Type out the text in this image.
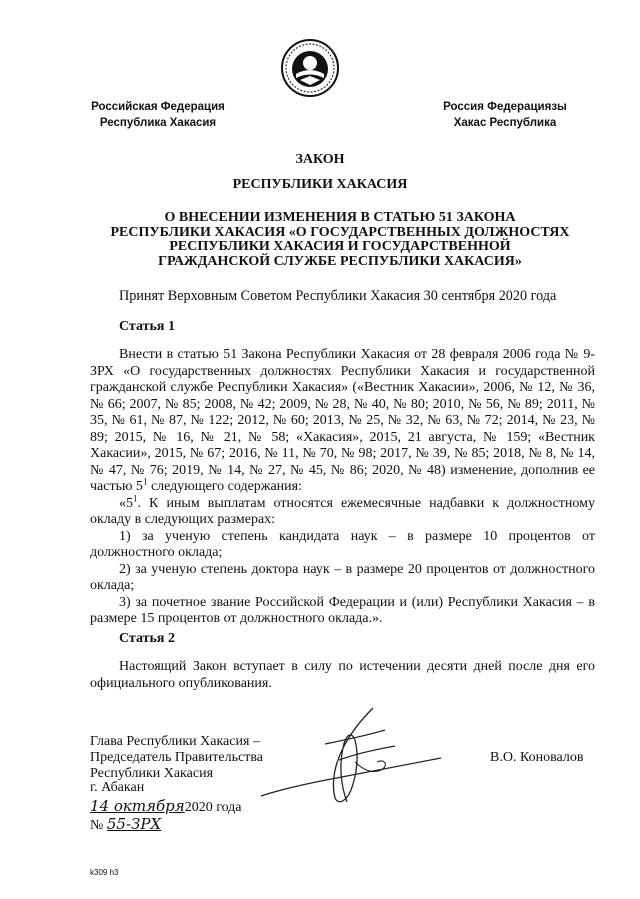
Российская Федерация
Республика Хакасия
Россия Федерациязы
Хакас Республика
ЗАКОН
РЕСПУБЛИКИ ХАКАСИЯ
О ВНЕСЕНИИ ИЗМЕНЕНИЯ В СТАТЬЮ 51 ЗАКОНА
РЕСПУБЛИКИ ХАКАСИЯ «О ГОСУДАРСТВЕННЫХ ДОЛЖНОСТЯХ
РЕСПУБЛИКИ ХАКАСИЯ И ГОСУДАРСТВЕННОЙ
ГРАЖДАНСКОЙ СЛУЖБЕ РЕСПУБЛИКИ ХАКАСИЯ»
Принят Верховным Советом Республики Хакасия 30 сентября 2020 года
Статья 1

Внести в статью 51 Закона Республики Хакасия от 28 февраля 2006 года № 9-ЗРХ «О государственных должностях Республики Хакасия и государственной гражданской службе Республики Хакасия» («Вестник Хакасии», 2006, № 12, № 36, № 66; 2007, № 85; 2008, № 42; 2009, № 28, № 40, № 80; 2010, № 56, № 89; 2011, № 35, № 61, № 87, № 122; 2012, № 60; 2013, № 25, № 32, № 63, № 72; 2014, № 23, № 89; 2015, № 16, № 21, № 58; «Хакасия», 2015, 21 августа, № 159; «Вестник Хакасии», 2015, № 67; 2016, № 11, № 70, № 98; 2017, № 39, № 85; 2018, № 8, № 14, № 47, № 76; 2019, № 14, № 27, № 45, № 86; 2020, № 48) изменение, дополнив ее частью $5^1$ следующего содержания:

«$5^1$. К иным выплатам относятся ежемесячные надбавки к должностному окладу в следующих размерах:

1) за ученую степень кандидата наук – в размере 10 процентов от должностного оклада;

2) за ученую степень доктора наук – в размере 20 процентов от должностного оклада;

3) за почетное звание Российской Федерации и (или) Республики Хакасия – в размере 15 процентов от должностного оклада.».

Статья 2

Настоящий Закон вступает в силу по истечении десяти дней после дня его официального опубликования.

Глава Республики Хакасия –
Председатель Правительства
Республики Хакасия
В.О. Коновалов
г. Абакан
14 октября2020 года
№ 55-ЗРХ
k309 h3
